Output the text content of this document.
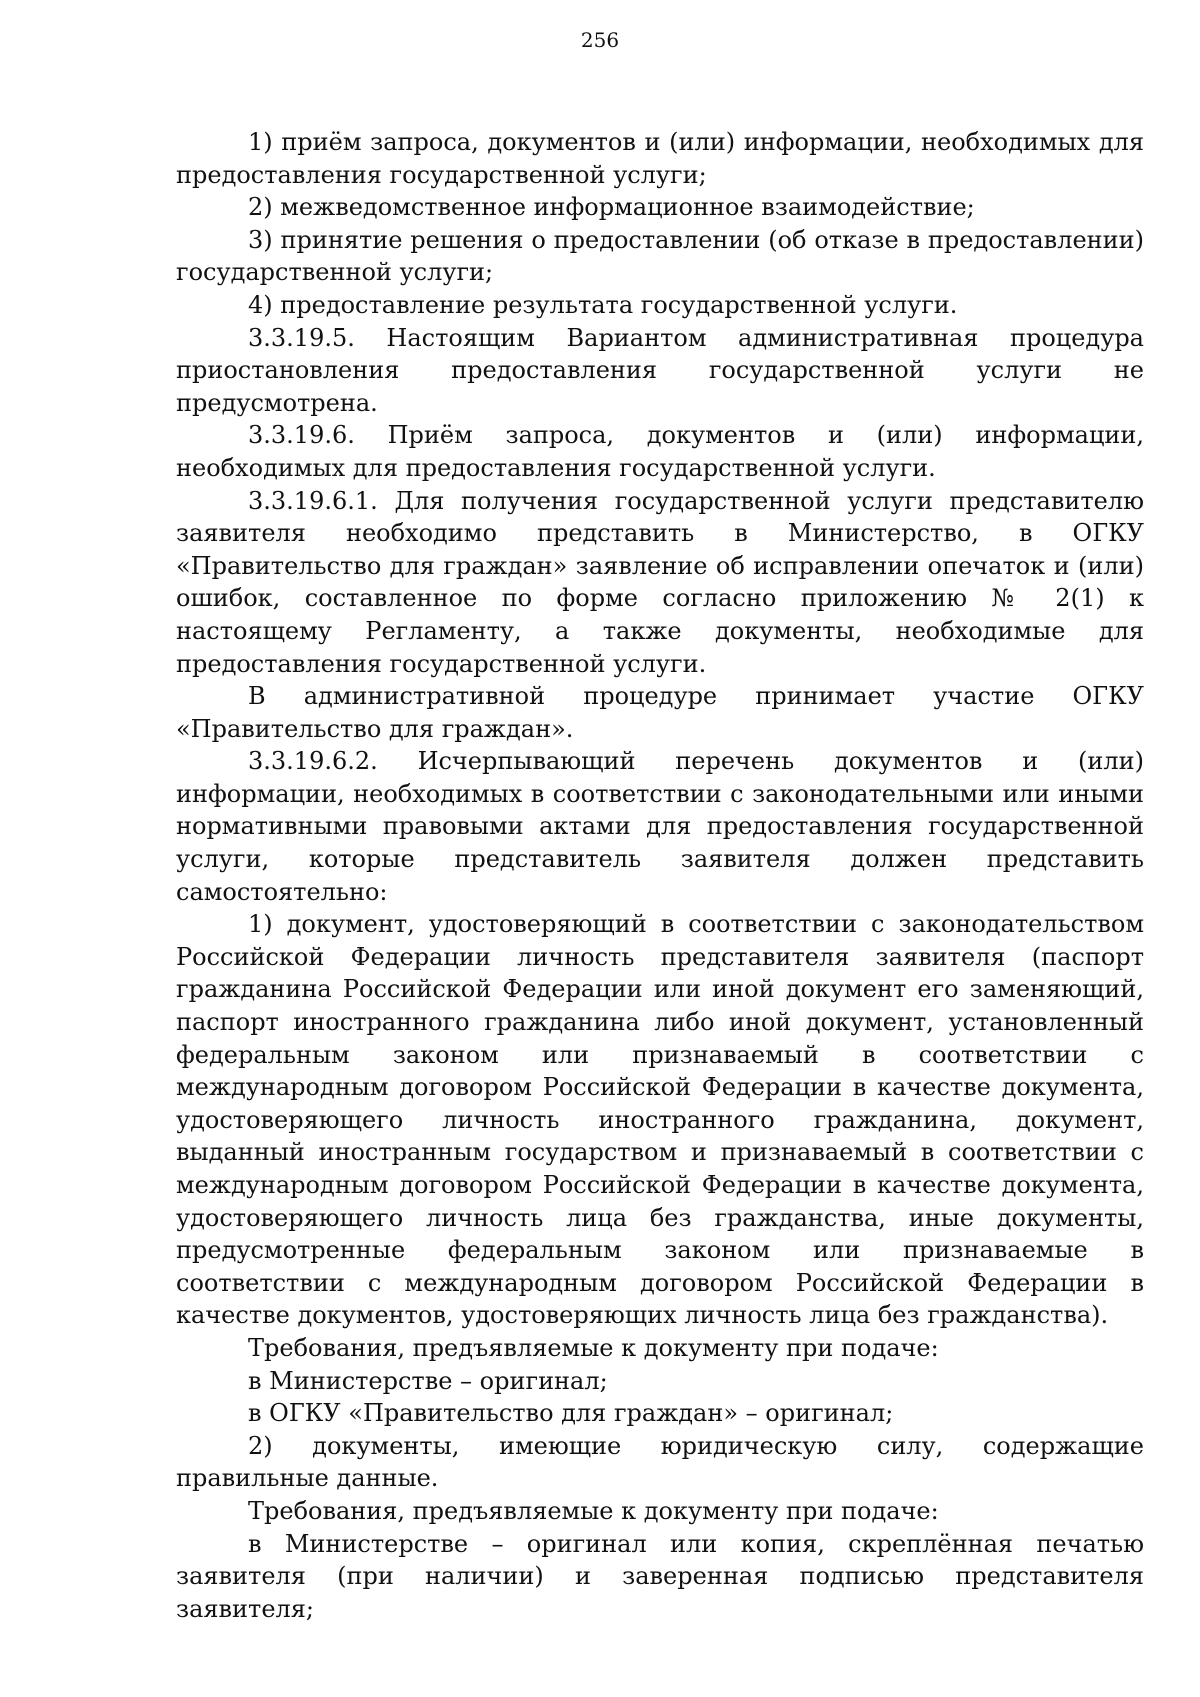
256

1) приём запроса, документов и (или) информации, необходимых для предоставления государственной услуги;

2) межведомственное информационное взаимодействие;

3) принятие решения о предоставлении (об отказе в предоставлении) государственной услуги;

4) предоставление результата государственной услуги.

3.3.19.5. Настоящим Вариантом административная процедура приостановления предоставления государственной услуги не предусмотрена.

3.3.19.6. Приём запроса, документов и (или) информации, необходимых для предоставления государственной услуги.

3.3.19.6.1. Для получения государственной услуги представителю заявителя необходимо представить в Министерство, в ОГКУ «Правительство для граждан» заявление об исправлении опечаток и (или) ошибок, составленное по форме согласно приложению № 2(1) к настоящему Регламенту, а также документы, необходимые для предоставления государственной услуги.

В административной процедуре принимает участие ОГКУ «Правительство для граждан».

3.3.19.6.2. Исчерпывающий перечень документов и (или) информации, необходимых в соответствии с законодательными или иными нормативными правовыми актами для предоставления государственной услуги, которые представитель заявителя должен представить самостоятельно:

1) документ, удостоверяющий в соответствии с законодательством Российской Федерации личность представителя заявителя (паспорт гражданина Российской Федерации или иной документ его заменяющий, паспорт иностранного гражданина либо иной документ, установленный федеральным законом или признаваемый в соответствии с международным договором Российской Федерации в качестве документа, удостоверяющего личность иностранного гражданина, документ, выданный иностранным государством и признаваемый в соответствии с международным договором Российской Федерации в качестве документа, удостоверяющего личность лица без гражданства, иные документы, предусмотренные федеральным законом или признаваемые в соответствии с международным договором Российской Федерации в качестве документов, удостоверяющих личность лица без гражданства).

Требования, предъявляемые к документу при подаче:

в Министерстве – оригинал;

в ОГКУ «Правительство для граждан» – оригинал;

2) документы, имеющие юридическую силу, содержащие правильные данные.

Требования, предъявляемые к документу при подаче:

в Министерстве – оригинал или копия, скреплённая печатью заявителя (при наличии) и заверенная подписью представителя заявителя;
